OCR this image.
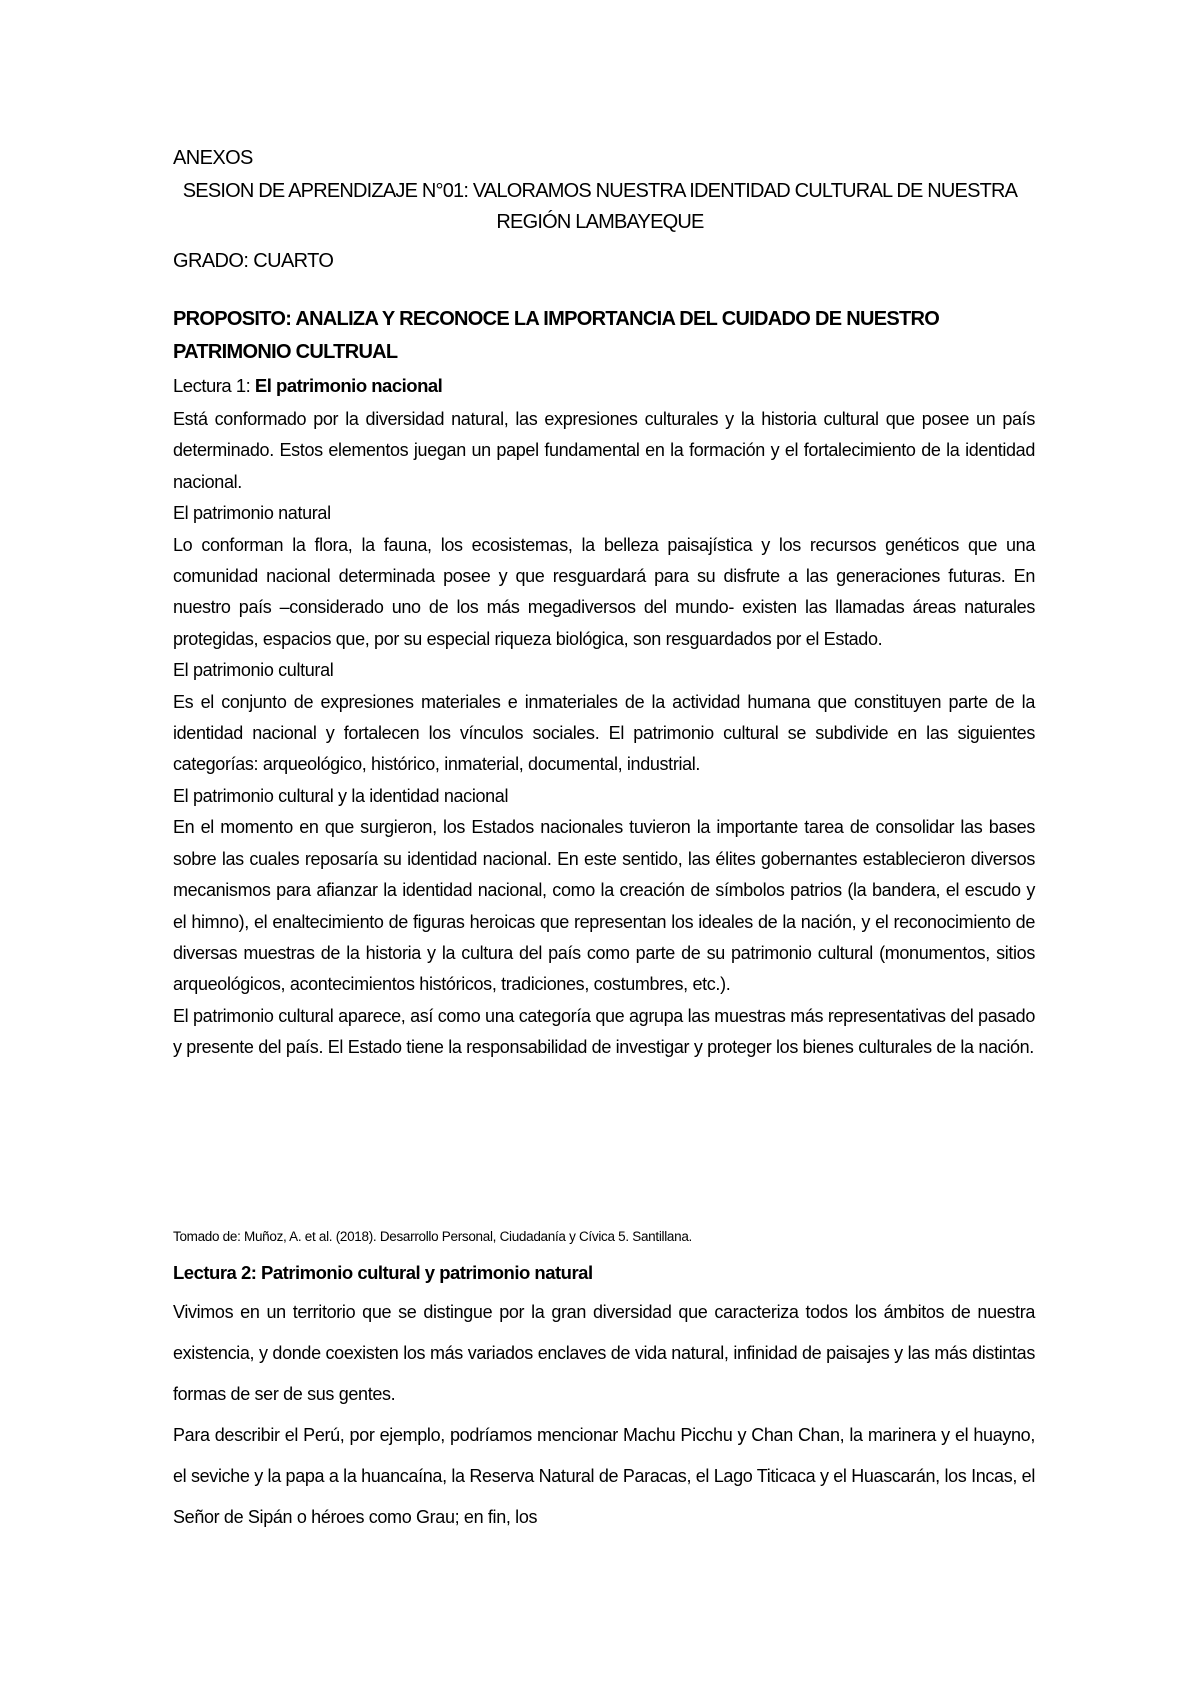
ANEXOS
SESION DE APRENDIZAJE N°01: VALORAMOS NUESTRA IDENTIDAD CULTURAL DE NUESTRA REGIÓN LAMBAYEQUE
GRADO: CUARTO
PROPOSITO: ANALIZA Y RECONOCE LA IMPORTANCIA DEL CUIDADO DE NUESTRO PATRIMONIO CULTRUAL
Lectura 1: El patrimonio nacional

Está conformado por la diversidad natural, las expresiones culturales y la historia cultural que posee un país determinado. Estos elementos juegan un papel fundamental en la formación y el fortalecimiento de la identidad nacional.

El patrimonio natural

Lo conforman la flora, la fauna, los ecosistemas, la belleza paisajística y los recursos genéticos que una comunidad nacional determinada posee y que resguardará para su disfrute a las generaciones futuras. En nuestro país –considerado uno de los más megadiversos del mundo- existen las llamadas áreas naturales protegidas, espacios que, por su especial riqueza biológica, son resguardados por el Estado.

El patrimonio cultural

Es el conjunto de expresiones materiales e inmateriales de la actividad humana que constituyen parte de la identidad nacional y fortalecen los vínculos sociales. El patrimonio cultural se subdivide en las siguientes categorías: arqueológico, histórico, inmaterial, documental, industrial.

El patrimonio cultural y la identidad nacional

En el momento en que surgieron, los Estados nacionales tuvieron la importante tarea de consolidar las bases sobre las cuales reposaría su identidad nacional. En este sentido, las élites gobernantes establecieron diversos mecanismos para afianzar la identidad nacional, como la creación de símbolos patrios (la bandera, el escudo y el himno), el enaltecimiento de figuras heroicas que representan los ideales de la nación, y el reconocimiento de diversas muestras de la historia y la cultura del país como parte de su patrimonio cultural (monumentos, sitios arqueológicos, acontecimientos históricos, tradiciones, costumbres, etc.).

El patrimonio cultural aparece, así como una categoría que agrupa las muestras más representativas del pasado y presente del país. El Estado tiene la responsabilidad de investigar y proteger los bienes culturales de la nación.

Tomado de: Muñoz, A. et al. (2018). Desarrollo Personal, Ciudadanía y Cívica 5. Santillana.
Lectura 2: Patrimonio cultural y patrimonio natural

Vivimos en un territorio que se distingue por la gran diversidad que caracteriza todos los ámbitos de nuestra existencia, y donde coexisten los más variados enclaves de vida natural, infinidad de paisajes y las más distintas formas de ser de sus gentes.

Para describir el Perú, por ejemplo, podríamos mencionar Machu Picchu y Chan Chan, la marinera y el huayno, el seviche y la papa a la huancaína, la Reserva Natural de Paracas, el Lago Titicaca y el Huascarán, los Incas, el Señor de Sipán o héroes como Grau; en fin, los
